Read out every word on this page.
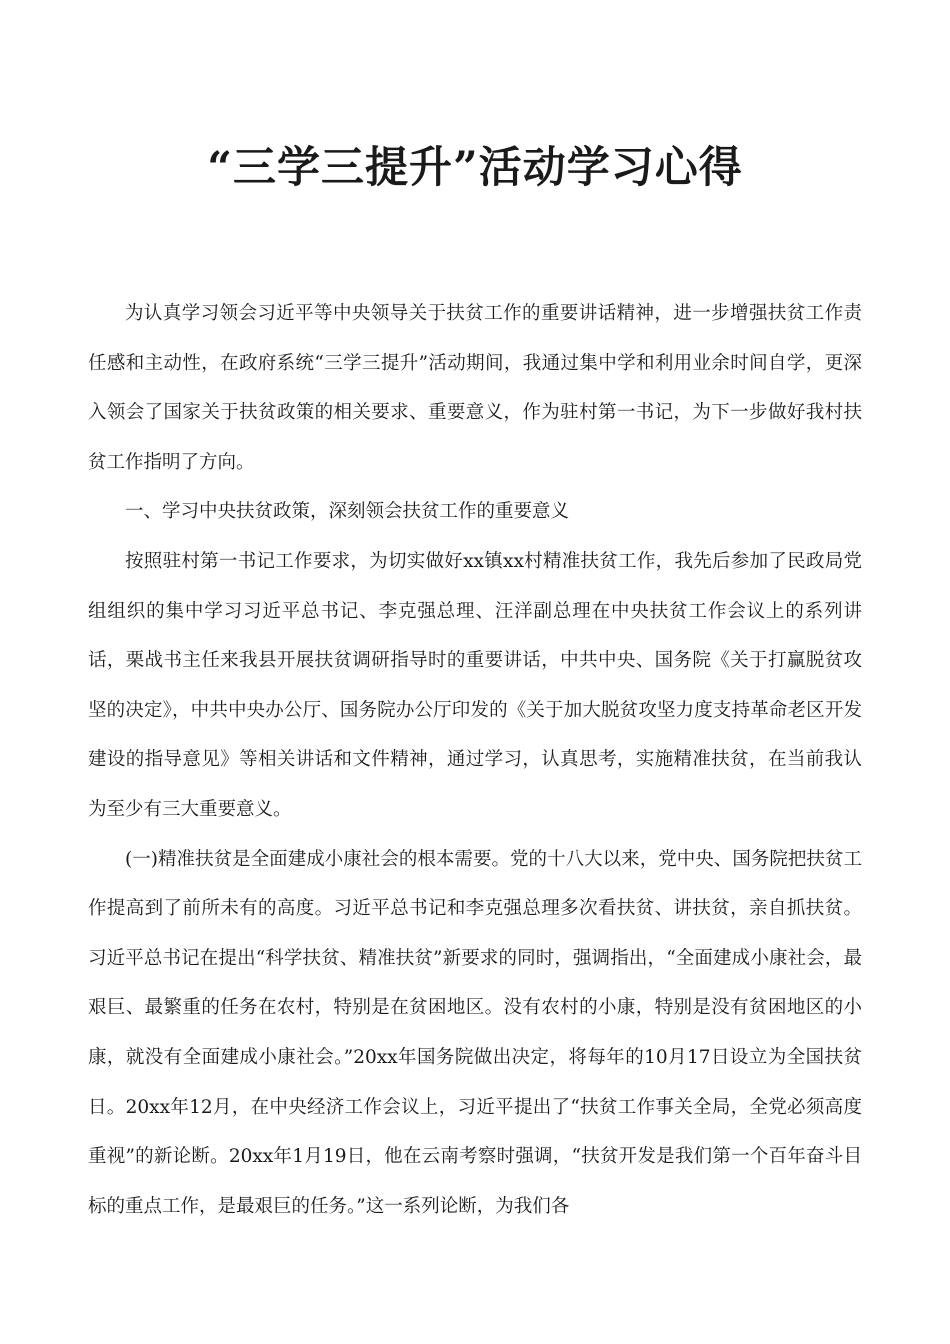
“三学三提升”活动学习心得

为认真学习领会习近平等中央领导关于扶贫工作的重要讲话精神，进一步增强扶贫工作责任感和主动性，在政府系统“三学三提升”活动期间，我通过集中学和利用业余时间自学，更深入领会了国家关于扶贫政策的相关要求、重要意义，作为驻村第一书记，为下一步做好我村扶贫工作指明了方向。

一、学习中央扶贫政策，深刻领会扶贫工作的重要意义

按照驻村第一书记工作要求，为切实做好xx镇xx村精准扶贫工作，我先后参加了民政局党组组织的集中学习习近平总书记、李克强总理、汪洋副总理在中央扶贫工作会议上的系列讲话，栗战书主任来我县开展扶贫调研指导时的重要讲话，中共中央、国务院《关于打赢脱贫攻坚的决定》，中共中央办公厅、国务院办公厅印发的《关于加大脱贫攻坚力度支持革命老区开发建设的指导意见》等相关讲话和文件精神，通过学习，认真思考，实施精准扶贫，在当前我认为至少有三大重要意义。

(一)精准扶贫是全面建成小康社会的根本需要。党的十八大以来，党中央、国务院把扶贫工作提高到了前所未有的高度。习近平总书记和李克强总理多次看扶贫、讲扶贫，亲自抓扶贫。习近平总书记在提出“科学扶贫、精准扶贫”新要求的同时，强调指出，“全面建成小康社会，最艰巨、最繁重的任务在农村，特别是在贫困地区。没有农村的小康，特别是没有贫困地区的小康，就没有全面建成小康社会。”20xx年国务院做出决定，将每年的10月17日设立为全国扶贫日。20xx年12月，在中央经济工作会议上，习近平提出了“扶贫工作事关全局，全党必须高度重视”的新论断。20xx年1月19日，他在云南考察时强调，“扶贫开发是我们第一个百年奋斗目标的重点工作，是最艰巨的任务。”这一系列论断，为我们各
